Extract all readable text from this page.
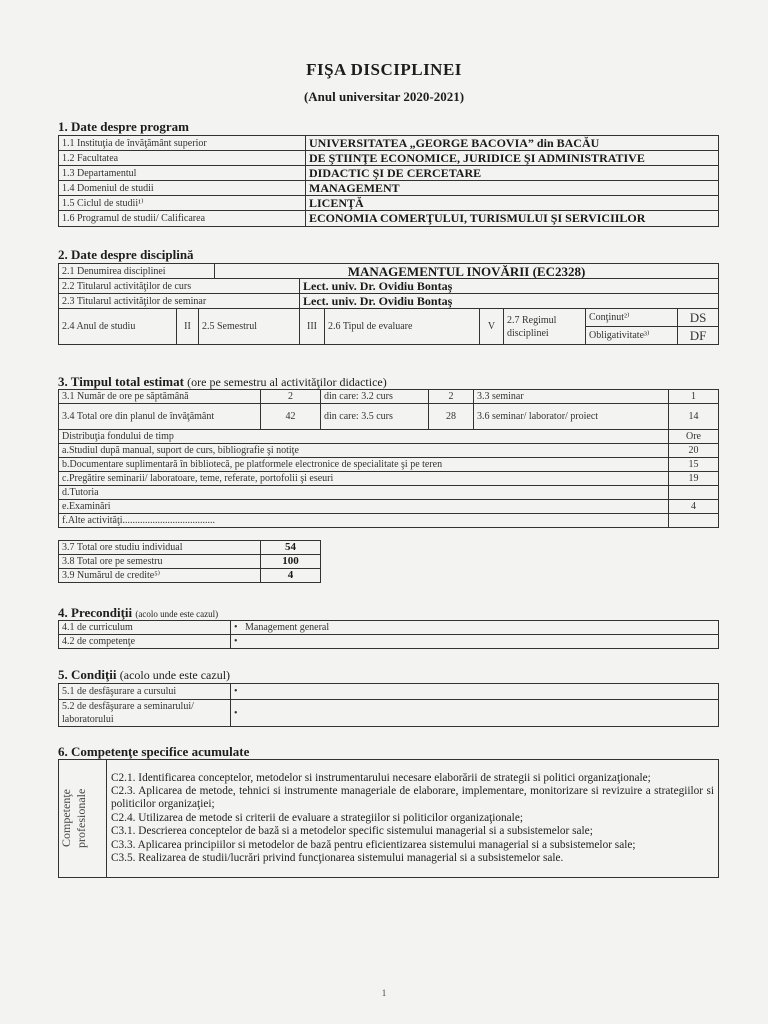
FIŞA DISCIPLINEI
(Anul universitar 2020-2021)
1. Date despre program
1.1 Instituţia de învăţământ superior	UNIVERSITATEA „GEORGE BACOVIA” din BACĂU
1.2 Facultatea	DE ŞTIINŢE ECONOMICE, JURIDICE ŞI ADMINISTRATIVE
1.3 Departamentul	DIDACTIC ŞI DE CERCETARE
1.4 Domeniul de studii	MANAGEMENT
1.5 Ciclul de studii¹⁾	LICENŢĂ
1.6 Programul de studii/ Calificarea	ECONOMIA COMERŢULUI, TURISMULUI ŞI SERVICIILOR
2. Date despre disciplină
2.1 Denumirea disciplinei			MANAGEMENTUL INOVĂRII (EC2328)						
2.2 Titularul activităţilor de curs				Lect. univ. Dr. Ovidiu Bontaş					
2.3 Titularul activităţilor de seminar				Lect. univ. Dr. Ovidiu Bontaş					
2.4 Anul de studiu	II	2.5 Semestrul		III	2.6 Tipul de evaluare	V	2.7 Regimul disciplinei	Conţinut²⁾	DS
								Obligativitate³⁾	DF
3. Timpul total estimat (ore pe semestru al activităţilor didactice)
3.1 Număr de ore pe săptămână	2	din care: 3.2 curs	2	3.3 seminar	1
3.4 Total ore din planul de învăţământ	42	din care: 3.5 curs	28	3.6 seminar/ laborator/ proiect	14
Distribuţia fondului de timp					Ore
a.Studiul după manual, suport de curs, bibliografie şi notiţe					20
b.Documentare suplimentară în bibliotecă, pe platformele electronice de specialitate şi pe teren					15
c.Pregătire seminarii/ laboratoare, teme, referate, portofolii şi eseuri					19
d.Tutoria					
e.Examinări					4
f.Alte activităţi.....................................					
3.7 Total ore studiu individual	54
3.8 Total ore pe semestru	100
3.9 Numărul de credite⁵⁾	4
4. Precondiţii (acolo unde este cazul)
4.1 de curriculum	•   Management general
4.2 de competenţe	•
5. Condiţii (acolo unde este cazul)
5.1 de desfăşurare a cursului	•
5.2 de desfăşurare a seminarului/ laboratorului	•
6. Competenţe specifice acumulate
Competenţe profesionale

C2.1. Identificarea conceptelor, metodelor si instrumentarului necesare elaborării de strategii si politici organizaţionale;
C2.3. Aplicarea de metode, tehnici si instrumente manageriale de elaborare, implementare, monitorizare si revizuire a strategiilor si politicilor organizaţiei;
C2.4. Utilizarea de metode si criterii de evaluare a strategiilor si politicilor organizaţionale;
C3.1. Descrierea conceptelor de bază si a metodelor specific sistemului managerial si a subsistemelor sale;
C3.3. Aplicarea principiilor si metodelor de bază pentru eficientizarea sistemului managerial si a subsistemelor sale;
C3.5. Realizarea de studii/lucrări privind funcţionarea sistemului managerial si a subsistemelor sale.
1
